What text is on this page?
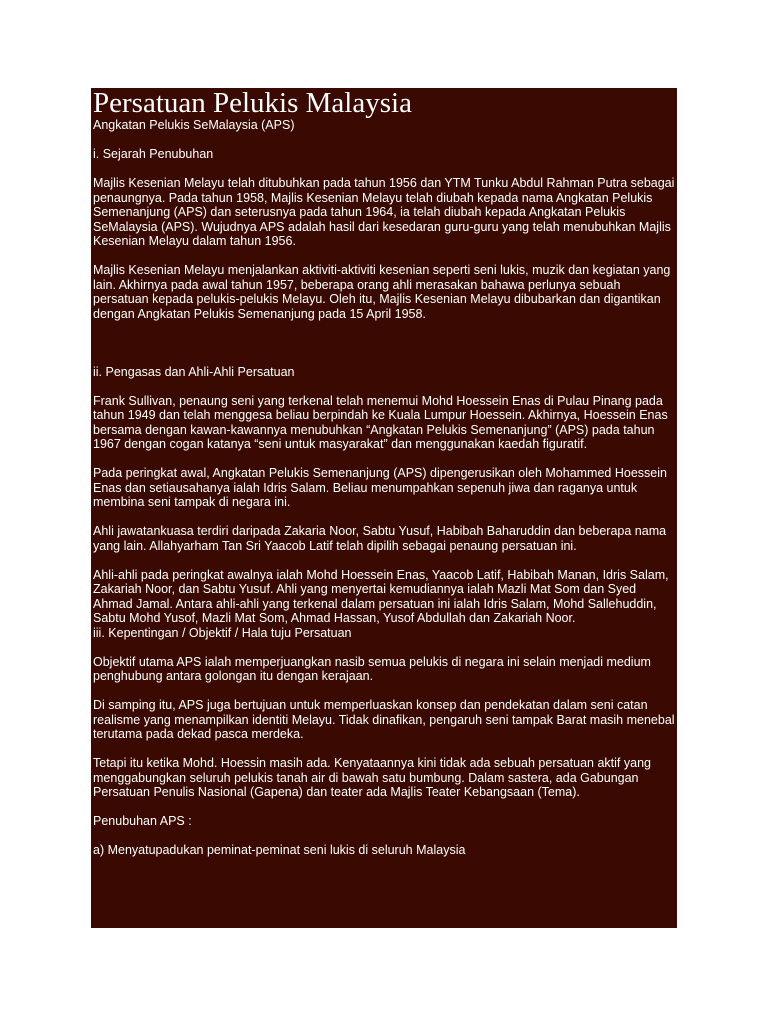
Persatuan Pelukis Malaysia

Angkatan Pelukis SeMalaysia (APS)

i. Sejarah Penubuhan

Majlis Kesenian Melayu telah ditubuhkan pada tahun 1956 dan YTM Tunku Abdul Rahman Putra sebagai penaungnya. Pada tahun 1958, Majlis Kesenian Melayu telah diubah kepada nama Angkatan Pelukis Semenanjung (APS) dan seterusnya pada tahun 1964, ia telah diubah kepada Angkatan Pelukis SeMalaysia (APS). Wujudnya APS adalah hasil dari kesedaran guru-guru yang telah menubuhkan Majlis Kesenian Melayu dalam tahun 1956.

Majlis Kesenian Melayu menjalankan aktiviti-aktiviti kesenian seperti seni lukis, muzik dan kegiatan yang lain. Akhirnya pada awal tahun 1957, beberapa orang ahli merasakan bahawa perlunya sebuah persatuan kepada pelukis-pelukis Melayu. Oleh itu, Majlis Kesenian Melayu dibubarkan dan digantikan dengan Angkatan Pelukis Semenanjung pada 15 April 1958.

ii. Pengasas dan Ahli-Ahli Persatuan

Frank Sullivan, penaung seni yang terkenal telah menemui Mohd Hoessein Enas di Pulau Pinang pada tahun 1949 dan telah menggesa beliau berpindah ke Kuala Lumpur Hoessein. Akhirnya, Hoessein Enas bersama dengan kawan-kawannya menubuhkan “Angkatan Pelukis Semenanjung” (APS) pada tahun 1967 dengan cogan katanya “seni untuk masyarakat” dan menggunakan kaedah figuratif.

Pada peringkat awal, Angkatan Pelukis Semenanjung (APS) dipengerusikan oleh Mohammed Hoessein Enas dan setiausahanya ialah Idris Salam. Beliau menumpahkan sepenuh jiwa dan raganya untuk membina seni tampak di negara ini.

Ahli jawatankuasa terdiri daripada Zakaria Noor, Sabtu Yusuf, Habibah Baharuddin dan beberapa nama yang lain. Allahyarham Tan Sri Yaacob Latif telah dipilih sebagai penaung persatuan ini.

Ahli-ahli pada peringkat awalnya ialah Mohd Hoessein Enas, Yaacob Latif, Habibah Manan, Idris Salam, Zakariah Noor, dan Sabtu Yusuf. Ahli yang menyertai kemudiannya ialah Mazli Mat Som dan Syed Ahmad Jamal. Antara ahli-ahli yang terkenal dalam persatuan ini ialah Idris Salam, Mohd Sallehuddin, Sabtu Mohd Yusof, Mazli Mat Som, Ahmad Hassan, Yusof Abdullah dan Zakariah Noor.

iii. Kepentingan / Objektif / Hala tuju Persatuan

Objektif utama APS ialah memperjuangkan nasib semua pelukis di negara ini selain menjadi medium penghubung antara golongan itu dengan kerajaan.

Di samping itu, APS juga bertujuan untuk memperluaskan konsep dan pendekatan dalam seni catan realisme yang menampilkan identiti Melayu. Tidak dinafikan, pengaruh seni tampak Barat masih menebal terutama pada dekad pasca merdeka.

Tetapi itu ketika Mohd. Hoessin masih ada. Kenyataannya kini tidak ada sebuah persatuan aktif yang menggabungkan seluruh pelukis tanah air di bawah satu bumbung. Dalam sastera, ada Gabungan Persatuan Penulis Nasional (Gapena) dan teater ada Majlis Teater Kebangsaan (Tema).

Penubuhan APS :

a) Menyatupadukan peminat-peminat seni lukis di seluruh Malaysia
